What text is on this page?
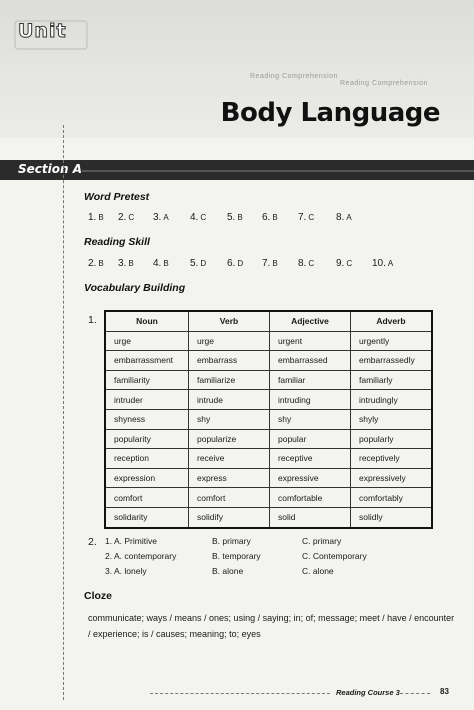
Reading Comprehension
Reading Comprehension
Unit
Body Language
Section A
Word Pretest
1. B 2. C 3. A 4. C 5. B 6. B 7. C 8. A
Reading Skill
2. B 3. B 4. B 5. D 6. D 7. B 8. C 9. C 10. A
Vocabulary Building
1.	Noun	Verb	Adjective	Adverb
urge	urge	urgent	urgently
embarrassment	embarrass	embarrassed	embarrassedly
familiarity	familiarize	familiar	familiarly
intruder	intrude	intruding	intrudingly
shyness	shy	shy	shyly
popularity	popularize	popular	popularly
reception	receive	receptive	receptively
expression	express	expressive	expressively
comfort	comfort	comfortable	comfortably
solidarity	solidify	solid	solidly
2. 1. A. Primitive	B. primary	C. primary
2. A. contemporary	B. temporary	C. Contemporary
3. A. lonely	B. alone	C. alone
Cloze
communicate; ways / means / ones; using / saying; in; of; message; meet / have / encounter / experience; is / causes; meaning; to; eyes
Reading Course 3	83
